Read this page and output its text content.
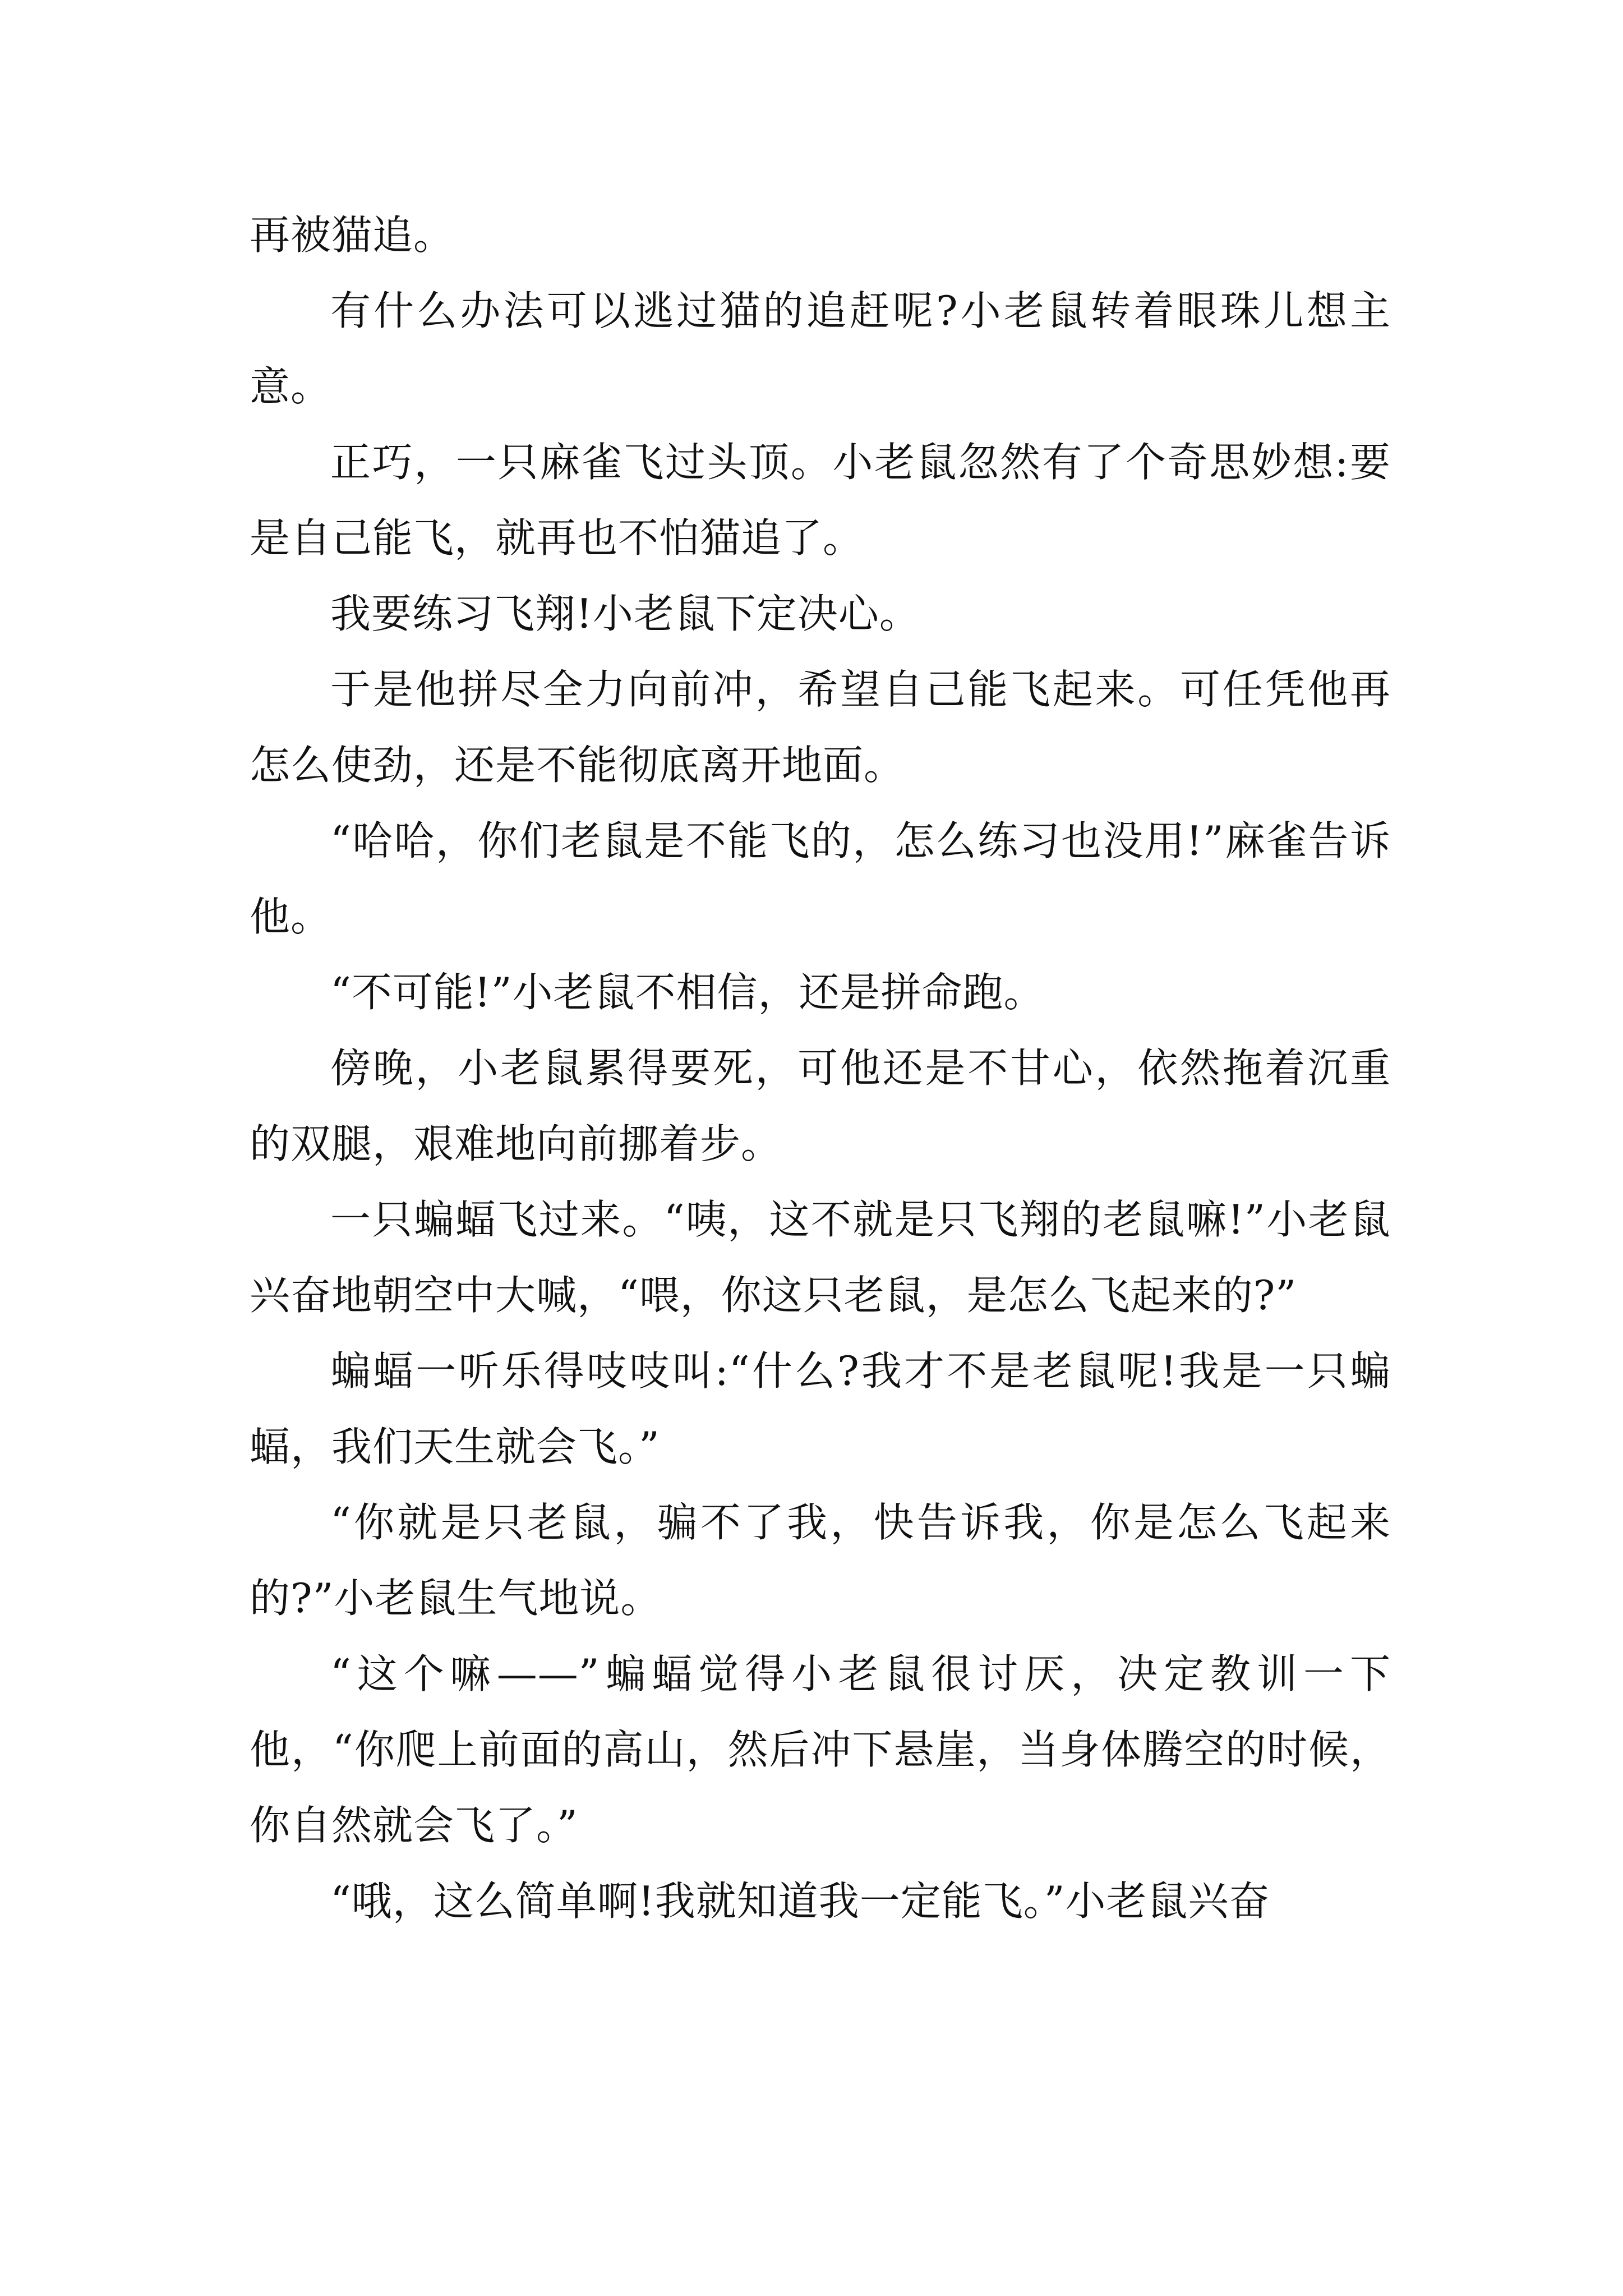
再被猫追。

有什么办法可以逃过猫的追赶呢?小老鼠转着眼珠儿想主意。

正巧，一只麻雀飞过头顶。小老鼠忽然有了个奇思妙想:要是自己能飞，就再也不怕猫追了。

我要练习飞翔!小老鼠下定决心。

于是他拼尽全力向前冲，希望自己能飞起来。可任凭他再怎么使劲，还是不能彻底离开地面。

“哈哈，你们老鼠是不能飞的，怎么练习也没用!”麻雀告诉他。

“不可能!”小老鼠不相信，还是拼命跑。

傍晚，小老鼠累得要死，可他还是不甘心，依然拖着沉重的双腿，艰难地向前挪着步。

一只蝙蝠飞过来。“咦，这不就是只飞翔的老鼠嘛!”小老鼠兴奋地朝空中大喊，“喂，你这只老鼠，是怎么飞起来的?”

蝙蝠一听乐得吱吱叫:“什么?我才不是老鼠呢!我是一只蝙蝠，我们天生就会飞。”

“你就是只老鼠，骗不了我，快告诉我，你是怎么飞起来的?”小老鼠生气地说。

“这个嘛——”蝙蝠觉得小老鼠很讨厌，决定教训一下他，“你爬上前面的高山，然后冲下悬崖，当身体腾空的时候，你自然就会飞了。”

“哦，这么简单啊!我就知道我一定能飞。”小老鼠兴奋
